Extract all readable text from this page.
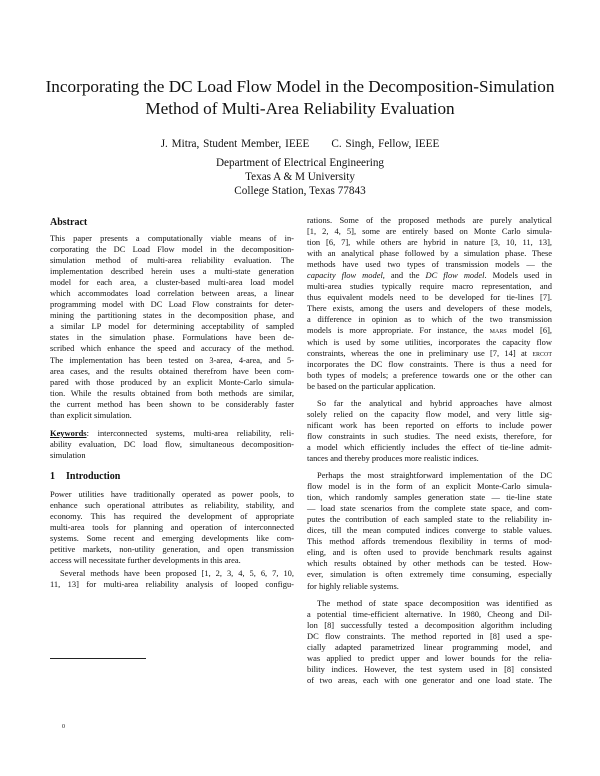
Incorporating the DC Load Flow Model in the Decomposition-Simulation
Method of Multi-Area Reliability Evaluation
J. Mitra, Student Member, IEEE C. Singh, Fellow, IEEE
Department of Electrical Engineering
Texas A & M University
College Station, Texas 77843
Abstract
This paper presents a computationally viable means of in-
corporating the DC Load Flow model in the decomposition-
simulation method of multi-area reliability evaluation. The
implementation described herein uses a multi-state generation
model for each area, a cluster-based multi-area load model
which accommodates load correlation between areas, a linear
programming model with DC Load Flow constraints for deter-
mining the partitioning states in the decomposition phase, and
a similar LP model for determining acceptability of sampled
states in the simulation phase. Formulations have been de-
scribed which enhance the speed and accuracy of the method.
The implementation has been tested on 3-area, 4-area, and 5-
area cases, and the results obtained therefrom have been com-
pared with those produced by an explicit Monte-Carlo simula-
tion. While the results obtained from both methods are similar,
the current method has been shown to be considerably faster
than explicit simulation.
Keywords: interconnected systems, multi-area reliability, reli-
ability evaluation, DC load flow, simultaneous decomposition-
simulation
1 Introduction
Power utilities have traditionally operated as power pools, to
enhance such operational attributes as reliability, stability, and
economy. This has required the development of appropriate
multi-area tools for planning and operation of interconnected
systems. Some recent and emerging developments like com-
petitive markets, non-utility generation, and open transmission
access will necessitate further developments in this area.
Several methods have been proposed [1, 2, 3, 4, 5, 6, 7, 10,
11, 13] for multi-area reliability analysis of looped configu-
rations. Some of the proposed methods are purely analytical
[1, 2, 4, 5], some are entirely based on Monte Carlo simula-
tion [6, 7], while others are hybrid in nature [3, 10, 11, 13],
with an analytical phase followed by a simulation phase. These
methods have used two types of transmission models — the
capacity flow model, and the DC flow model. Models used in
multi-area studies typically require macro representation, and
thus equivalent models need to be developed for tie-lines [7].
There exists, among the users and developers of these models,
a difference in opinion as to which of the two transmission
models is more appropriate. For instance, the mars model [6],
which is used by some utilities, incorporates the capacity flow
constraints, whereas the one in preliminary use [7, 14] at ercot
incorporates the DC flow constraints. There is thus a need for
both types of models; a preference towards one or the other can
be based on the particular application.
So far the analytical and hybrid approaches have almost
solely relied on the capacity flow model, and very little sig-
nificant work has been reported on efforts to include power
flow constraints in such studies. The need exists, therefore, for
a model which efficiently includes the effect of tie-line admit-
tances and thereby produces more realistic indices.
Perhaps the most straightforward implementation of the DC
flow model is in the form of an explicit Monte-Carlo simula-
tion, which randomly samples generation state — tie-line state
— load state scenarios from the complete state space, and com-
putes the contribution of each sampled state to the reliability in-
dices, till the mean computed indices converge to stable values.
This method affords tremendous flexibility in terms of mod-
eling, and is often used to provide benchmark results against
which results obtained by other methods can be tested. How-
ever, simulation is often extremely time consuming, especially
for highly reliable systems.
The method of state space decomposition was identified as
a potential time-efficient alternative. In 1980, Cheong and Dil-
lon [8] successfully tested a decomposition algorithm including
DC flow constraints. The method reported in [8] used a spe-
cially adapted parametrized linear programming model, and
was applied to predict upper and lower bounds for the relia-
bility indices. However, the test system used in [8] consisted
of two areas, each with one generator and one load state. The
0
